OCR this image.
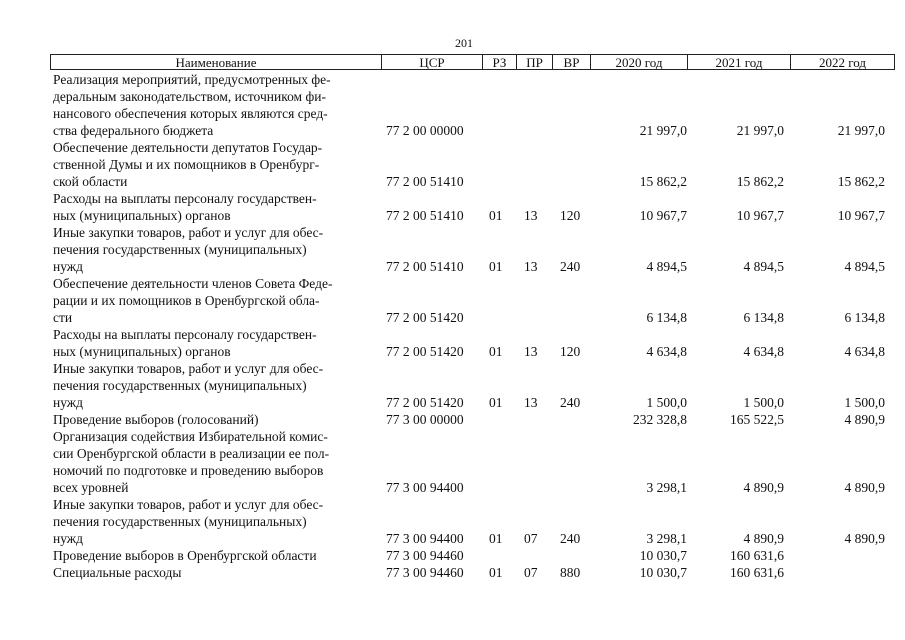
201
Наименование	ЦСР	РЗ	ПР	ВР	2020 год	2021 год	2022 год
Реализация мероприятий, предусмотренных фе-
деральным законодательством, источником фи-
нансового обеспечения которых являются сред-
ства федерального бюджета	77 2 00 00000	21 997,0	21 997,0	21 997,0
Обеспечение деятельности депутатов Государ-
ственной Думы и их помощников в Оренбург-
ской области	77 2 00 51410	15 862,2	15 862,2	15 862,2
Расходы на выплаты персоналу государствен-
ных (муниципальных) органов	77 2 00 51410 01 13 120	10 967,7	10 967,7	10 967,7
Иные закупки товаров, работ и услуг для обес-
печения государственных (муниципальных)
нужд	77 2 00 51410 01 13 240	4 894,5	4 894,5	4 894,5
Обеспечение деятельности членов Совета Феде-
рации и их помощников в Оренбургской обла-
сти	77 2 00 51420	6 134,8	6 134,8	6 134,8
Расходы на выплаты персоналу государствен-
ных (муниципальных) органов	77 2 00 51420 01 13 120	4 634,8	4 634,8	4 634,8
Иные закупки товаров, работ и услуг для обес-
печения государственных (муниципальных)
нужд	77 2 00 51420 01 13 240	1 500,0	1 500,0	1 500,0
Проведение выборов (голосований)	77 3 00 00000	232 328,8	165 522,5	4 890,9
Организация содействия Избирательной комис-
сии Оренбургской области в реализации ее пол-
номочий по подготовке и проведению выборов
всех уровней	77 3 00 94400	3 298,1	4 890,9	4 890,9
Иные закупки товаров, работ и услуг для обес-
печения государственных (муниципальных)
нужд	77 3 00 94400 01 07 240	3 298,1	4 890,9	4 890,9
Проведение выборов в Оренбургской области	77 3 00 94460	10 030,7	160 631,6
Специальные расходы	77 3 00 94460 01 07 880	10 030,7	160 631,6
